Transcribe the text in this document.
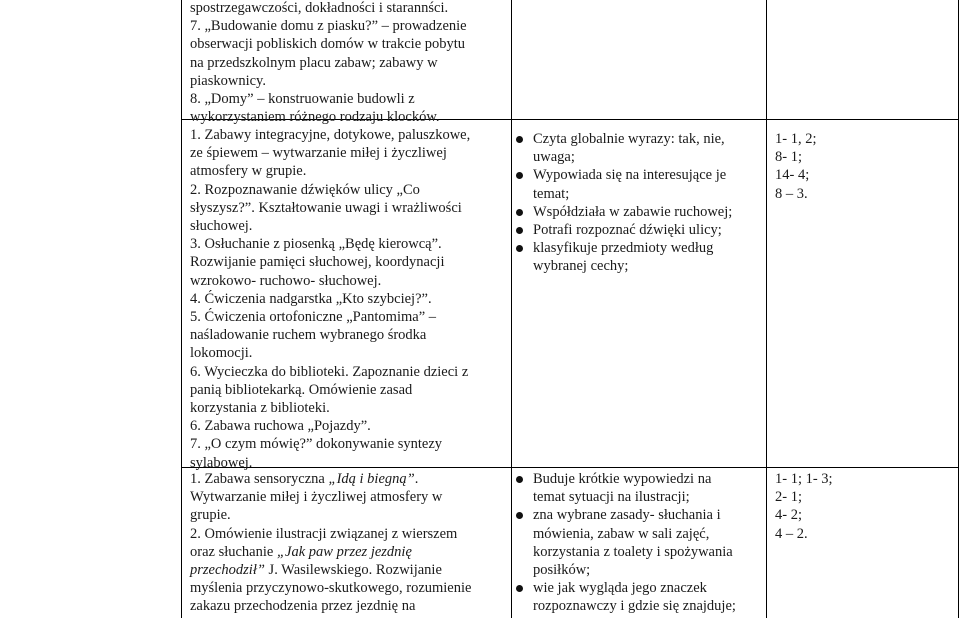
spostrzegawczości, dokładności i starannści.
7. „Budowanie domu z piasku?” – prowadzenie
obserwacji pobliskich domów w trakcie pobytu
na przedszkolnym placu zabaw; zabawy w
piaskownicy.
8. „Domy” – konstruowanie budowli z
wykorzystaniem różnego rodzaju klocków.
1. Zabawy integracyjne, dotykowe, paluszkowe,
ze śpiewem – wytwarzanie miłej i życzliwej
atmosfery w grupie.
2. Rozpoznawanie dźwięków ulicy „Co
słyszysz?”. Kształtowanie uwagi i wrażliwości
słuchowej.
3. Osłuchanie z piosenką „Będę kierowcą”.
Rozwijanie pamięci słuchowej, koordynacji
wzrokowo- ruchowo- słuchowej.
4. Ćwiczenia nadgarstka „Kto szybciej?”.
5. Ćwiczenia ortofoniczne „Pantomima” –
naśladowanie ruchem wybranego środka
lokomocji.
6. Wycieczka do biblioteki. Zapoznanie dzieci z
panią bibliotekarką. Omówienie zasad
korzystania z biblioteki.
6. Zabawa ruchowa „Pojazdy”.
7. „O czym mówię?” dokonywanie syntezy
sylabowej.
1. Zabawa sensoryczna „Idą i biegną”.
Wytwarzanie miłej i życzliwej atmosfery w
grupie.
2. Omówienie ilustracji związanej z wierszem
oraz słuchanie „Jak paw przez jezdnię
przechodził” J. Wasilewskiego. Rozwijanie
myślenia przyczynowo-skutkowego, rozumienie
zakazu przechodzenia przez jezdnię na
Czyta globalnie wyrazy: tak, nie,
uwaga;
Wypowiada się na interesujące je
temat;
Współdziała w zabawie ruchowej;
Potrafi rozpoznać dźwięki ulicy;
klasyfikuje przedmioty według
wybranej cechy;
Buduje krótkie wypowiedzi na
temat sytuacji na ilustracji;
zna wybrane zasady- słuchania i
mówienia, zabaw w sali zajęć,
korzystania z toalety i spożywania
posiłków;
wie jak wygląda jego znaczek
rozpoznawczy i gdzie się znajduje;
1- 1, 2;
8- 1;
14- 4;
8 – 3.
1- 1; 1- 3;
2- 1;
4- 2;
4 – 2.
